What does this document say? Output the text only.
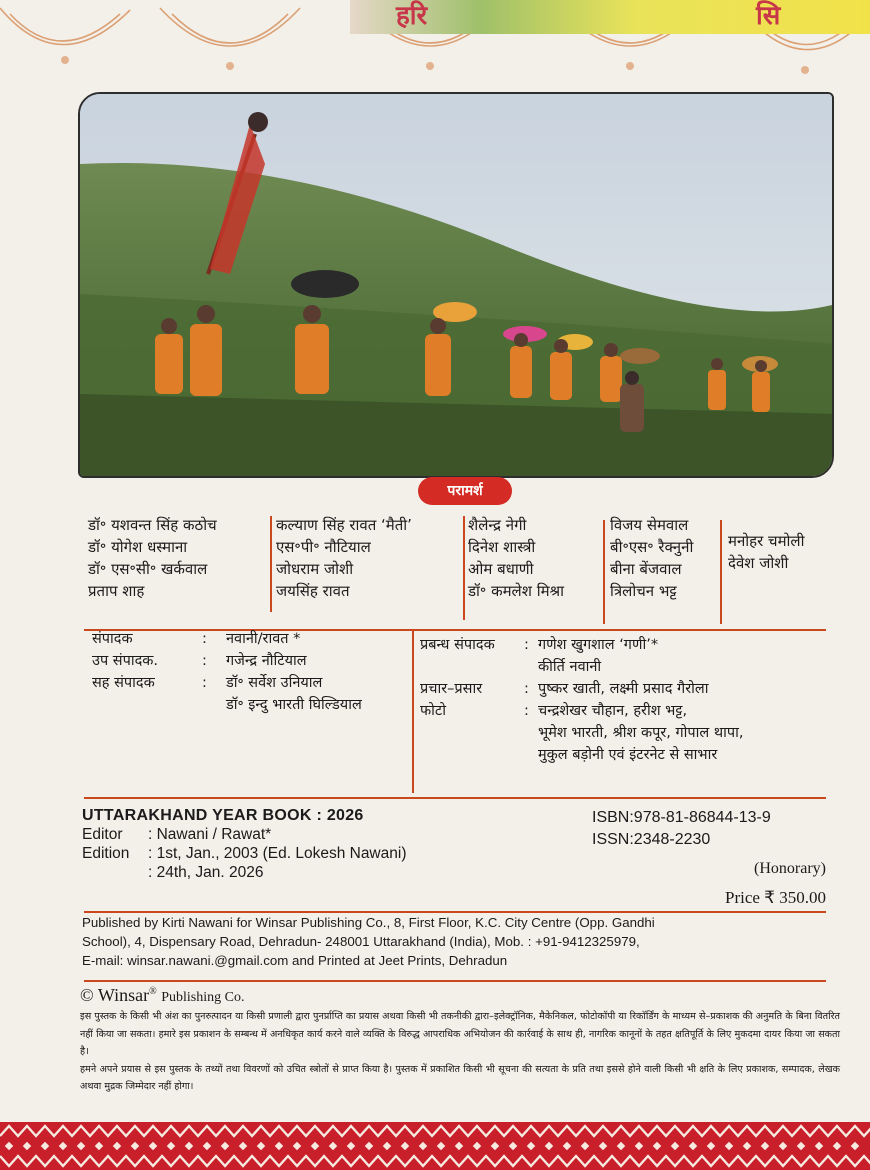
हरि	सि
परामर्श
डॉ॰ यशवन्त सिंह कठोच
डॉ॰ योगेश धस्माना
डॉ॰ एस॰सी॰ खर्कवाल
प्रताप शाह
कल्याण सिंह रावत ‘मैती’
एस॰पी॰ नौटियाल
जोधराम जोशी
जयसिंह रावत
शैलेन्द्र नेगी
दिनेश शास्त्री
ओम बधाणी
डॉ॰ कमलेश मिश्रा
विजय सेमवाल
बी॰एस॰ रैक्नुनी
बीना बेंजवाल
त्रिलोचन भट्ट
मनोहर चमोली
देवेश जोशी
संपादक	: नवानी/रावत *
उप संपादक.	: गजेन्द्र नौटियाल
सह संपादक	: डॉ॰ सर्वेश उनियाल
डॉ॰ इन्दु भारती घिल्डियाल
प्रबन्ध संपादक : गणेश खुगशाल ‘गणी’*
कीर्ति नवानी
प्रचार–प्रसार	: पुष्कर खाती, लक्ष्मी प्रसाद गैरोला
फोटो	: चन्द्रशेखर चौहान, हरीश भट्ट,
भूमेश भारती, श्रीश कपूर, गोपाल थापा,
मुकुल बड़ोनी एवं इंटरनेट से साभार
UTTARAKHAND YEAR BOOK : 2026
Editor : Nawani / Rawat*
Edition : 1st, Jan., 2003 (Ed. Lokesh Nawani)
: 24th, Jan. 2026
ISBN:978-81-86844-13-9
ISSN:2348-2230
(Honorary)
Price ₹ 350.00
Published by Kirti Nawani for Winsar Publishing Co., 8, First Floor, K.C. City Centre (Opp. Gandhi
School), 4, Dispensary Road, Dehradun- 248001 Uttarakhand (India), Mob. : +91-9412325979,
E-mail: winsar.nawani.@gmail.com and Printed at Jeet Prints, Dehradun
© Winsar® Publishing Co.
इस पुस्तक के किसी भी अंश का पुनरुत्पादन या किसी प्रणाली द्वारा पुनर्प्राप्ति का प्रयास अथवा किसी भी तकनीकी द्वारा–इलेक्ट्रॉनिक, मैकेनिकल, फोटोकॉपी या रिकॉर्डिंग के माध्यम से–प्रकाशक की अनुमति के बिना वितरित नहीं किया जा सकता। हमारे इस प्रकाशन के सम्बन्ध में अनधिकृत कार्य करने वाले व्यक्ति के विरुद्ध आपराधिक अभियोजन की कार्रवाई के साथ ही, नागरिक कानूनों के तहत क्षतिपूर्ति के लिए मुकदमा दायर किया जा सकता है।
हमने अपने प्रयास से इस पुस्तक के तथ्यों तथा विवरणों को उचित स्त्रोतों से प्राप्त किया है। पुस्तक में प्रकाशित किसी भी सूचना की सत्यता के प्रति तथा इससे होने वाली किसी भी क्षति के लिए प्रकाशक, सम्पादक, लेखक अथवा मुद्रक जिम्मेदार नहीं होगा।
